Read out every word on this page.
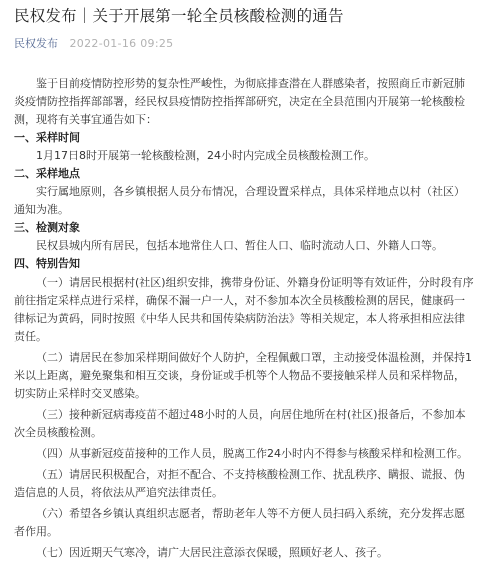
民权发布｜关于开展第一轮全员核酸检测的通告
民权发布 2022-01-16 09:25

鉴于目前疫情防控形势的复杂性严峻性，为彻底排查潜在人群感染者，按照商丘市新冠肺炎疫情防控指挥部部署，经民权县疫情防控指挥部研究，决定在全县范围内开展第一轮核酸检测，现将有关事宜通告如下：

一、采样时间

1月17日8时开展第一轮核酸检测，24小时内完成全员核酸检测工作。

二、采样地点

实行属地原则，各乡镇根据人员分布情况，合理设置采样点，具体采样地点以村（社区）通知为准。

三、检测对象

民权县城内所有居民，包括本地常住人口、暂住人口、临时流动人口、外籍人口等。

四、特别告知

（一）请居民根据村(社区)组织安排，携带身份证、外籍身份证明等有效证件，分时段有序前往指定采样点进行采样，确保不漏一户一人，对不参加本次全员核酸检测的居民，健康码一律标记为黄码，同时按照《中华人民共和国传染病防治法》等相关规定，本人将承担相应法律责任。

（二）请居民在参加采样期间做好个人防护，全程佩戴口罩，主动接受体温检测，并保持1米以上距离，避免聚集和相互交谈，身份证或手机等个人物品不要接触采样人员和采样物品，切实防止采样时交叉感染。

（三）接种新冠病毒疫苗不超过48小时的人员，向居住地所在村(社区)报备后，不参加本次全员核酸检测。

（四）从事新冠疫苗接种的工作人员，脱离工作24小时内不得参与核酸采样和检测工作。

（五）请居民积极配合，对拒不配合、不支持核酸检测工作、扰乱秩序、瞒报、谎报、伪造信息的人员，将依法从严追究法律责任。

（六）希望各乡镇认真组织志愿者，帮助老年人等不方便人员扫码入系统，充分发挥志愿者作用。

（七）因近期天气寒冷，请广大居民注意添衣保暖，照顾好老人、孩子。
